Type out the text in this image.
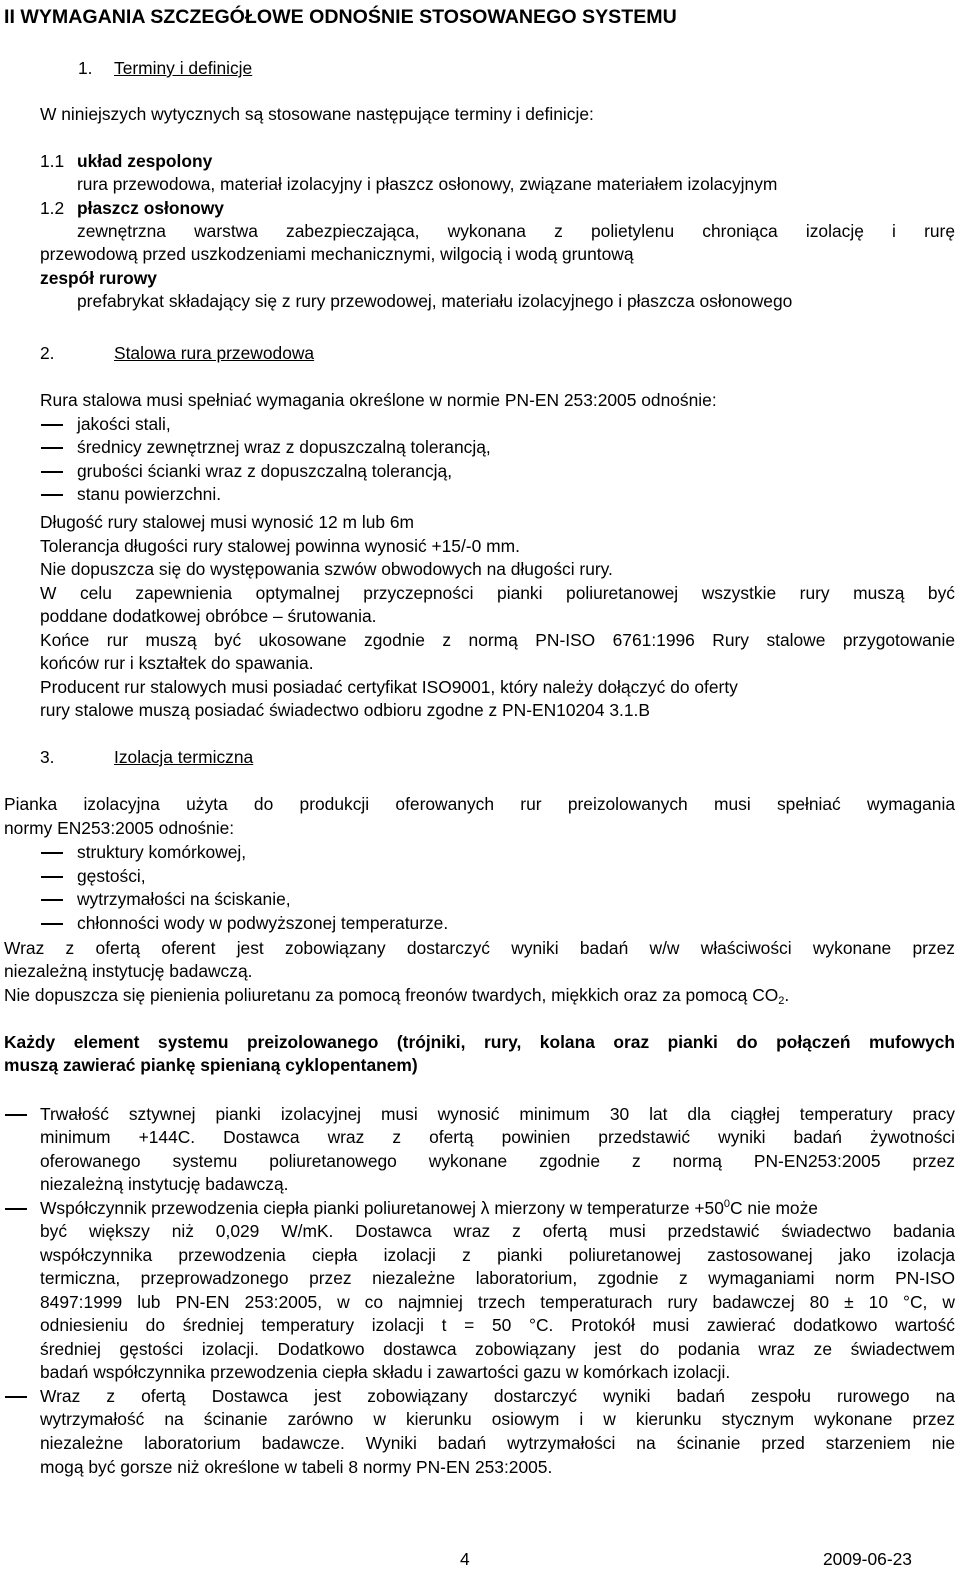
II WYMAGANIA SZCZEGÓŁOWE ODNOŚNIE STOSOWANEGO SYSTEMU
1. Terminy i definicje
W niniejszych wytycznych są stosowane następujące terminy i definicje:
1.1 układ zespolony
rura przewodowa, materiał izolacyjny i płaszcz osłonowy, związane materiałem izolacyjnym
1.2 płaszcz osłonowy
zewnętrzna warstwa zabezpieczająca, wykonana z polietylenu chroniąca izolację i rurę
przewodową przed uszkodzeniami mechanicznymi, wilgocią i wodą gruntową
zespół rurowy
prefabrykat składający się z rury przewodowej, materiału izolacyjnego i płaszcza osłonowego
2.	Stalowa rura przewodowa
Rura stalowa musi spełniać wymagania określone w normie PN-EN 253:2005 odnośnie:
jakości stali,
średnicy zewnętrznej wraz z dopuszczalną tolerancją,
grubości ścianki wraz z dopuszczalną tolerancją,
stanu powierzchni.
Długość rury stalowej musi wynosić 12 m lub 6m
Tolerancja długości rury stalowej powinna wynosić +15/-0 mm.
Nie dopuszcza się do występowania szwów obwodowych na długości rury.
W celu zapewnienia optymalnej przyczepności pianki poliuretanowej wszystkie rury muszą być
poddane dodatkowej obróbce – śrutowania.
Końce rur muszą być ukosowane zgodnie z normą PN-ISO 6761:1996 Rury stalowe przygotowanie
końców rur i kształtek do spawania.
Producent rur stalowych musi posiadać certyfikat ISO9001, który należy dołączyć do oferty
rury stalowe muszą posiadać świadectwo odbioru zgodne z PN-EN10204 3.1.B
3.	Izolacja termiczna
Pianka izolacyjna użyta do produkcji oferowanych rur preizolowanych musi spełniać wymagania
normy EN253:2005 odnośnie:
struktury komórkowej,
gęstości,
wytrzymałości na ściskanie,
chłonności wody w podwyższonej temperaturze.
Wraz z ofertą oferent jest zobowiązany dostarczyć wyniki badań w/w właściwości wykonane przez
niezależną instytucję badawczą.
Nie dopuszcza się pienienia poliuretanu za pomocą freonów twardych, miękkich oraz za pomocą $CO_2$.
Każdy element systemu preizolowanego (trójniki, rury, kolana oraz pianki do połączeń mufowych
muszą zawierać piankę spienianą cyklopentanem)
Trwałość sztywnej pianki izolacyjnej musi wynosić minimum 30 lat dla ciągłej temperatury pracy
minimum +144C. Dostawca wraz z ofertą powinien przedstawić wyniki badań żywotności
oferowanego systemu poliuretanowego wykonane zgodnie z normą PN-EN253:2005 przez
niezależną instytucję badawczą.
Współczynnik przewodzenia ciepła pianki poliuretanowej λ mierzony w temperaturze $+50^0C$ nie może
być większy niż 0,029 W/mK. Dostawca wraz z ofertą musi przedstawić świadectwo badania
współczynnika przewodzenia ciepła izolacji z pianki poliuretanowej zastosowanej jako izolacja
termiczna, przeprowadzonego przez niezależne laboratorium, zgodnie z wymaganiami norm PN-ISO
8497:1999 lub PN-EN 253:2005, w co najmniej trzech temperaturach rury badawczej 80 ± 10 °C, w
odniesieniu do średniej temperatury izolacji t = 50 °C. Protokół musi zawierać dodatkowo wartość
średniej gęstości izolacji. Dodatkowo dostawca zobowiązany jest do podania wraz ze świadectwem
badań współczynnika przewodzenia ciepła składu i zawartości gazu w komórkach izolacji.
Wraz z ofertą Dostawca jest zobowiązany dostarczyć wyniki badań zespołu rurowego na
wytrzymałość na ścinanie zarówno w kierunku osiowym i w kierunku stycznym wykonane przez
niezależne laboratorium badawcze. Wyniki badań wytrzymałości na ścinanie przed starzeniem nie
mogą być gorsze niż określone w tabeli 8 normy PN-EN 253:2005.
4	2009-06-23
